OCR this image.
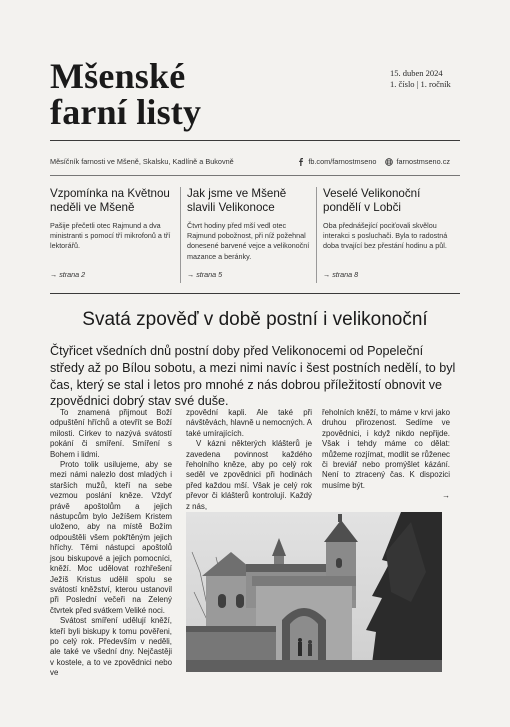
Mšenské
farní listy
15. duben 2024
1. číslo | 1. ročník
Měsíčník farnosti ve Mšeně, Skalsku, Kadlíně a Bukovně	fb.com/farnostmseno	farnostmseno.cz
Vzpomínka na Květnou neděli ve Mšeně

Pašije přečetli otec Rajmund a dva ministranti s pomocí tří mikrofonů a tří lektorářů.

→ strana 2
Jak jsme ve Mšeně slavili Velikonoce

Čtvrt hodiny před mší vedl otec Rajmund pobožnost, při níž požehnal donesené barvené vejce a velikonoční mazance a beránky.

→ strana 5
Veselé Velikonoční pondělí v Lobči

Oba přednášející pociťovali skvělou interakci s posluchači. Byla to radostná doba trvající bez přestání hodinu a půl.

→ strana 8
Svatá zpověď v době postní i velikonoční

Čtyřicet všedních dnů postní doby před Velikonocemi od Popeleční středy až po Bílou sobotu, a mezi nimi navíc i šest postních nedělí, to byl čas, který se stal i letos pro mnohé z nás dobrou příležitostí obnovit ve zpovědnici dobrý stav své duše.

To znamená přijmout Boží odpuštění hříchů a otevřít se Boží milosti. Církev to nazývá svátostí pokání či smíření. Smíření s Bohem i lidmi.

Proto tolik usilujeme, aby se mezi námi nalezlo dost mladých i starších mužů, kteří na sebe vezmou poslání kněze. Vždyť právě apoštolům a jejich nástupcům bylo Ježíšem Kristem uloženo, aby na místě Božím odpouštěli všem pokřtěným jejich hříchy. Těmi nástupci apoštolů jsou biskupové a jejich pomocníci, kněží. Moc udělovat rozhřešení Ježíš Kristus udělil spolu se svátostí kněžství, kterou ustanovil při Poslední večeři na Zelený čtvrtek před svátkem Veliké noci.

Svátost smíření udělují kněží, kteří byli biskupy k tomu pověřeni, po celý rok. Především v neděli, ale také ve všední dny. Nejčastěji v kostele, a to ve zpovědnici nebo ve

zpovědní kapli. Ale také při návštěvách, hlavně u nemocných. A také umírajících.

V kázni některých klášterů je zavedena povinnost každého řeholního kněze, aby po celý rok seděl ve zpovědnici při hodinách před každou mší. Však je celý rok převor či klášterů kontrolují. Každý z nás,

řeholních kněží, to máme v krvi jako druhou přirozenost. Sedíme ve zpovědnici, i když nikdo nepřijde. Však i tehdy máme co dělat: můžeme rozjímat, modlit se růženec či breviář nebo promýšlet kázání. Není to ztracený čas. K dispozici musíme být.

→
